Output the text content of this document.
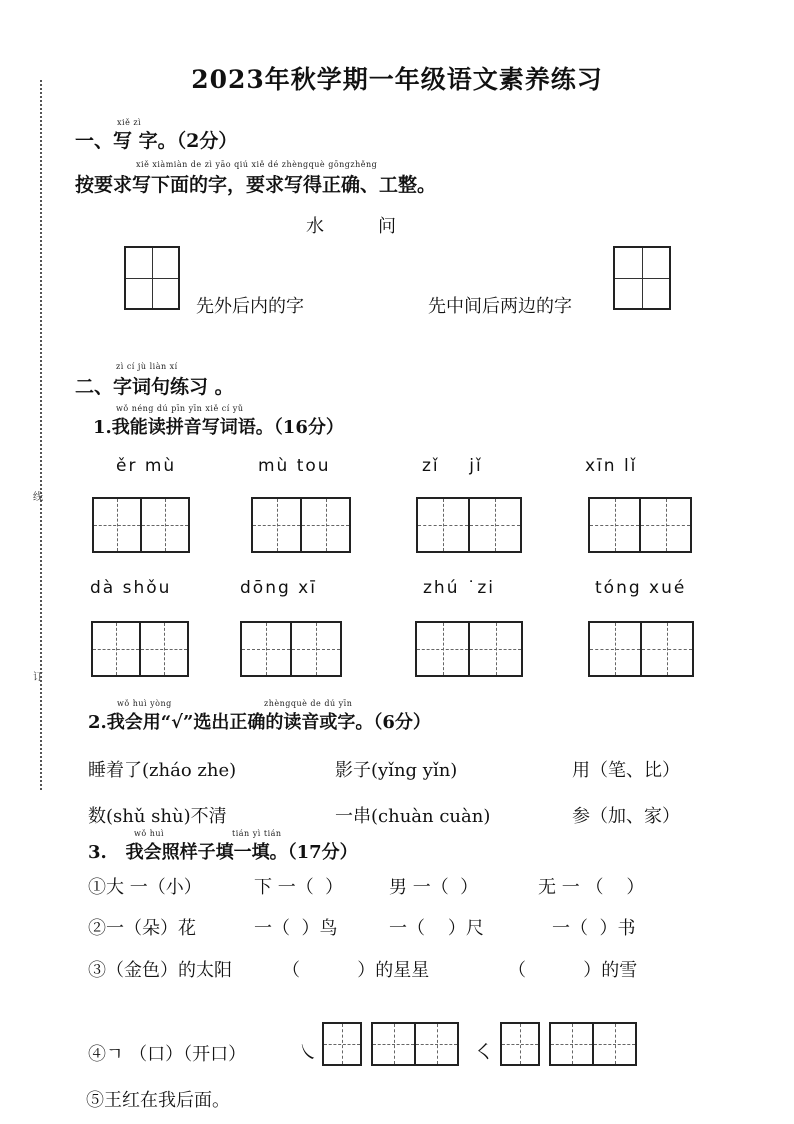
线
订
2023年秋学期一年级语文素养练习
xiě zì
一、写 字。（2分）
xiě xiàmiàn de zì yāo qiú xiě dé zhèngquè gōngzhěng
按要求写下面的字，要求写得正确、工整。
水	问
先外后内的字	先中间后两边的字
zì cí jù liàn xí
二、字词句练习 。
wǒ néng dú pīn yīn xiě cí yǔ
1.我能读拼音写词语。（16分）
ěr mù	mù tou	zǐ    jǐ	xīn lǐ
dà shǒu	dōng xī	zhú ˙zi	tóng xué
wǒ huì yòng	zhèngquè de dú yīn
2.我会用“√”选出正确的读音或字。（6分）
睡着了(zháo zhe)	影子(yǐng yǐn)	用（笔、比）
数(shǔ shù)不清	一串(chuàn cuàn)	参（加、家）
wǒ huì	tián yì tián
3.   我会照样子填一填。（17分）
①大 一（小）	下 一（  ）	男 一（  ）	无 一 （    ）
②一（朵）花	一（  ）鸟	一（    ）尺	一（  ）书
③（金色）的太阳	（          ）的星星	（          ）的雪
④ㄱ （口）（开口）	㇏	㇛
⑤王红在我后面。
